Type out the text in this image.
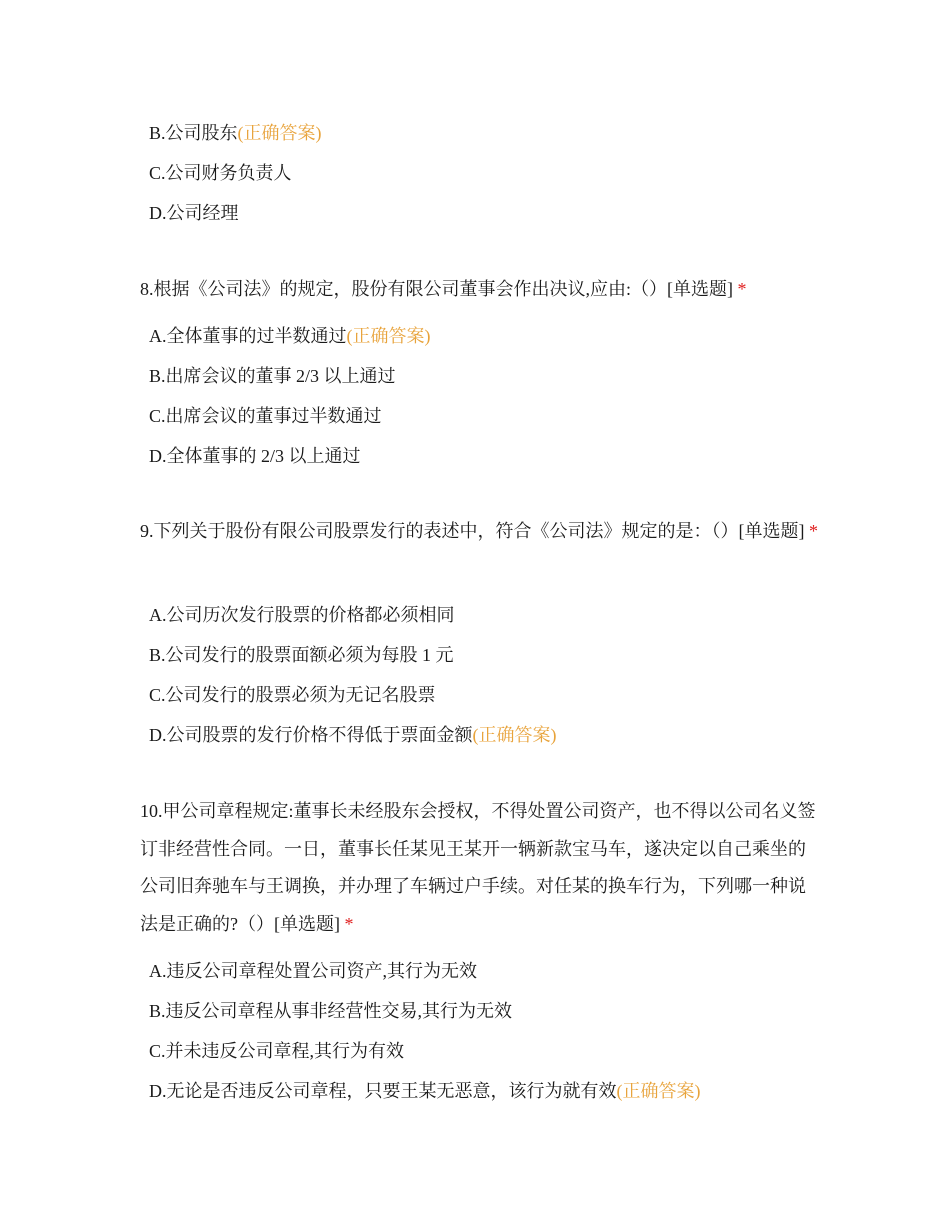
B.公司股东(正确答案)
C.公司财务负责人
D.公司经理
8.根据《公司法》的规定，股份有限公司董事会作出决议,应由:（）[单选题] *
A.全体董事的过半数通过(正确答案)
B.出席会议的董事 2/3 以上通过
C.出席会议的董事过半数通过
D.全体董事的 2/3 以上通过
9.下列关于股份有限公司股票发行的表述中，符合《公司法》规定的是：（）[单选题] *
A.公司历次发行股票的价格都必须相同
B.公司发行的股票面额必须为每股 1 元
C.公司发行的股票必须为无记名股票
D.公司股票的发行价格不得低于票面金额(正确答案)
10.甲公司章程规定:董事长未经股东会授权，不得处置公司资产，也不得以公司名义签订非经营性合同。一日，董事长任某见王某开一辆新款宝马车，遂决定以自己乘坐的公司旧奔驰车与王调换，并办理了车辆过户手续。对任某的换车行为，下列哪一种说法是正确的?（）[单选题] *
A.违反公司章程处置公司资产,其行为无效
B.违反公司章程从事非经营性交易,其行为无效
C.并未违反公司章程,其行为有效
D.无论是否违反公司章程，只要王某无恶意，该行为就有效(正确答案)
